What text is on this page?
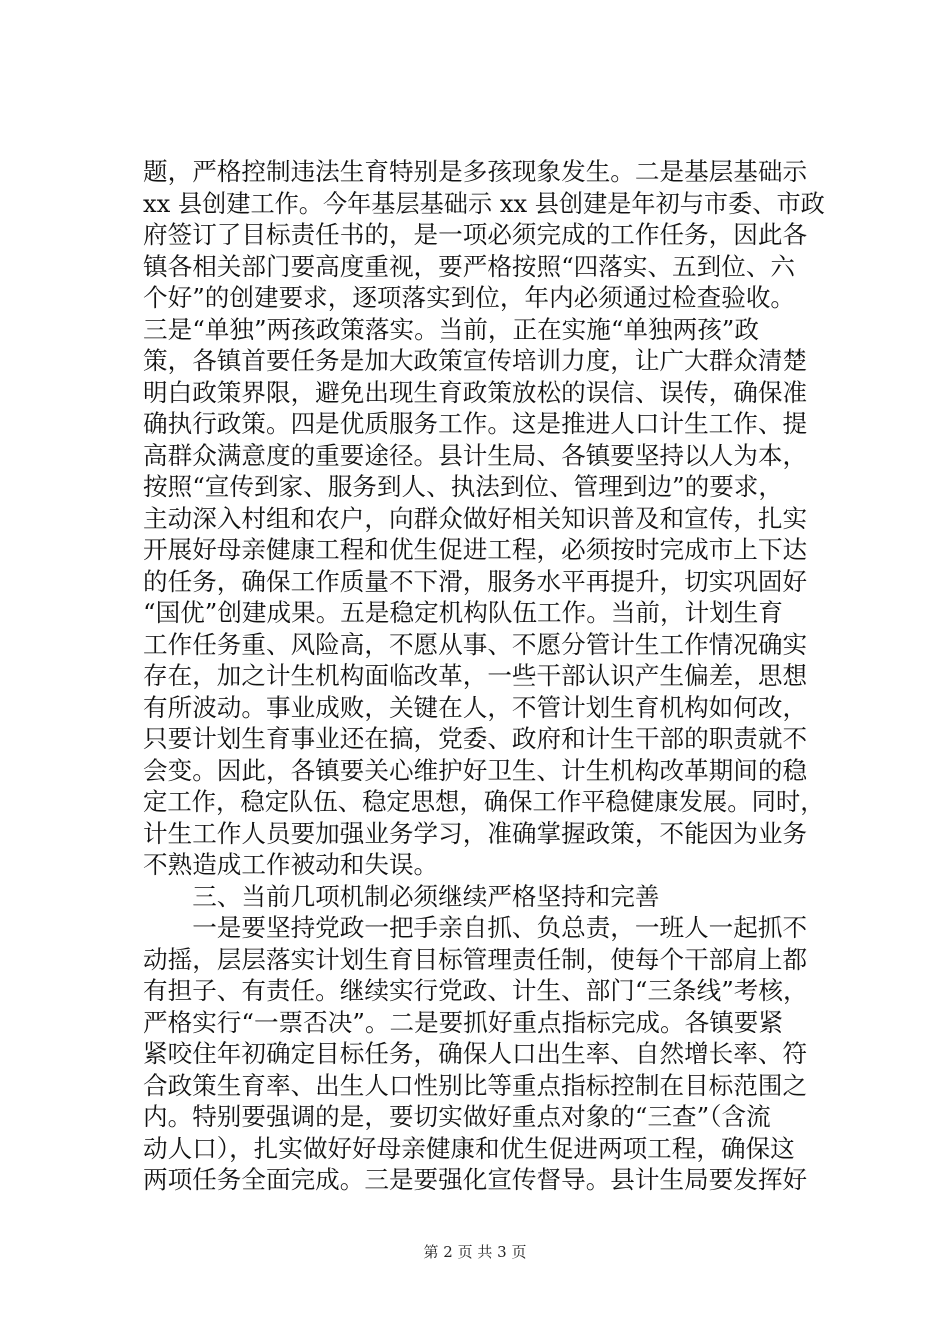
题，严格控制违法生育特别是多孩现象发生。二是基层基础示
xx 县创建工作。今年基层基础示 xx 县创建是年初与市委、市政
府签订了目标责任书的，是一项必须完成的工作任务，因此各
镇各相关部门要高度重视，要严格按照“四落实、五到位、六
个好”的创建要求，逐项落实到位，年内必须通过检查验收。
三是“单独”两孩政策落实。当前，正在实施“单独两孩”政
策，各镇首要任务是加大政策宣传培训力度，让广大群众清楚
明白政策界限，避免出现生育政策放松的误信、误传，确保准
确执行政策。四是优质服务工作。这是推进人口计生工作、提
高群众满意度的重要途径。县计生局、各镇要坚持以人为本，
按照“宣传到家、服务到人、执法到位、管理到边”的要求，
主动深入村组和农户，向群众做好相关知识普及和宣传，扎实
开展好母亲健康工程和优生促进工程，必须按时完成市上下达
的任务，确保工作质量不下滑，服务水平再提升，切实巩固好
“国优”创建成果。五是稳定机构队伍工作。当前，计划生育
工作任务重、风险高，不愿从事、不愿分管计生工作情况确实
存在，加之计生机构面临改革，一些干部认识产生偏差，思想
有所波动。事业成败，关键在人，不管计划生育机构如何改，
只要计划生育事业还在搞，党委、政府和计生干部的职责就不
会变。因此，各镇要关心维护好卫生、计生机构改革期间的稳
定工作，稳定队伍、稳定思想，确保工作平稳健康发展。同时，
计生工作人员要加强业务学习，准确掌握政策，不能因为业务
不熟造成工作被动和失误。
　　三、当前几项机制必须继续严格坚持和完善
　　一是要坚持党政一把手亲自抓、负总责，一班人一起抓不
动摇，层层落实计划生育目标管理责任制，使每个干部肩上都
有担子、有责任。继续实行党政、计生、部门“三条线”考核，
严格实行“一票否决”。二是要抓好重点指标完成。各镇要紧
紧咬住年初确定目标任务，确保人口出生率、自然增长率、符
合政策生育率、出生人口性别比等重点指标控制在目标范围之
内。特别要强调的是，要切实做好重点对象的“三查”（含流
动人口），扎实做好好母亲健康和优生促进两项工程，确保这
两项任务全面完成。三是要强化宣传督导。县计生局要发挥好
第 2 页 共 3 页
